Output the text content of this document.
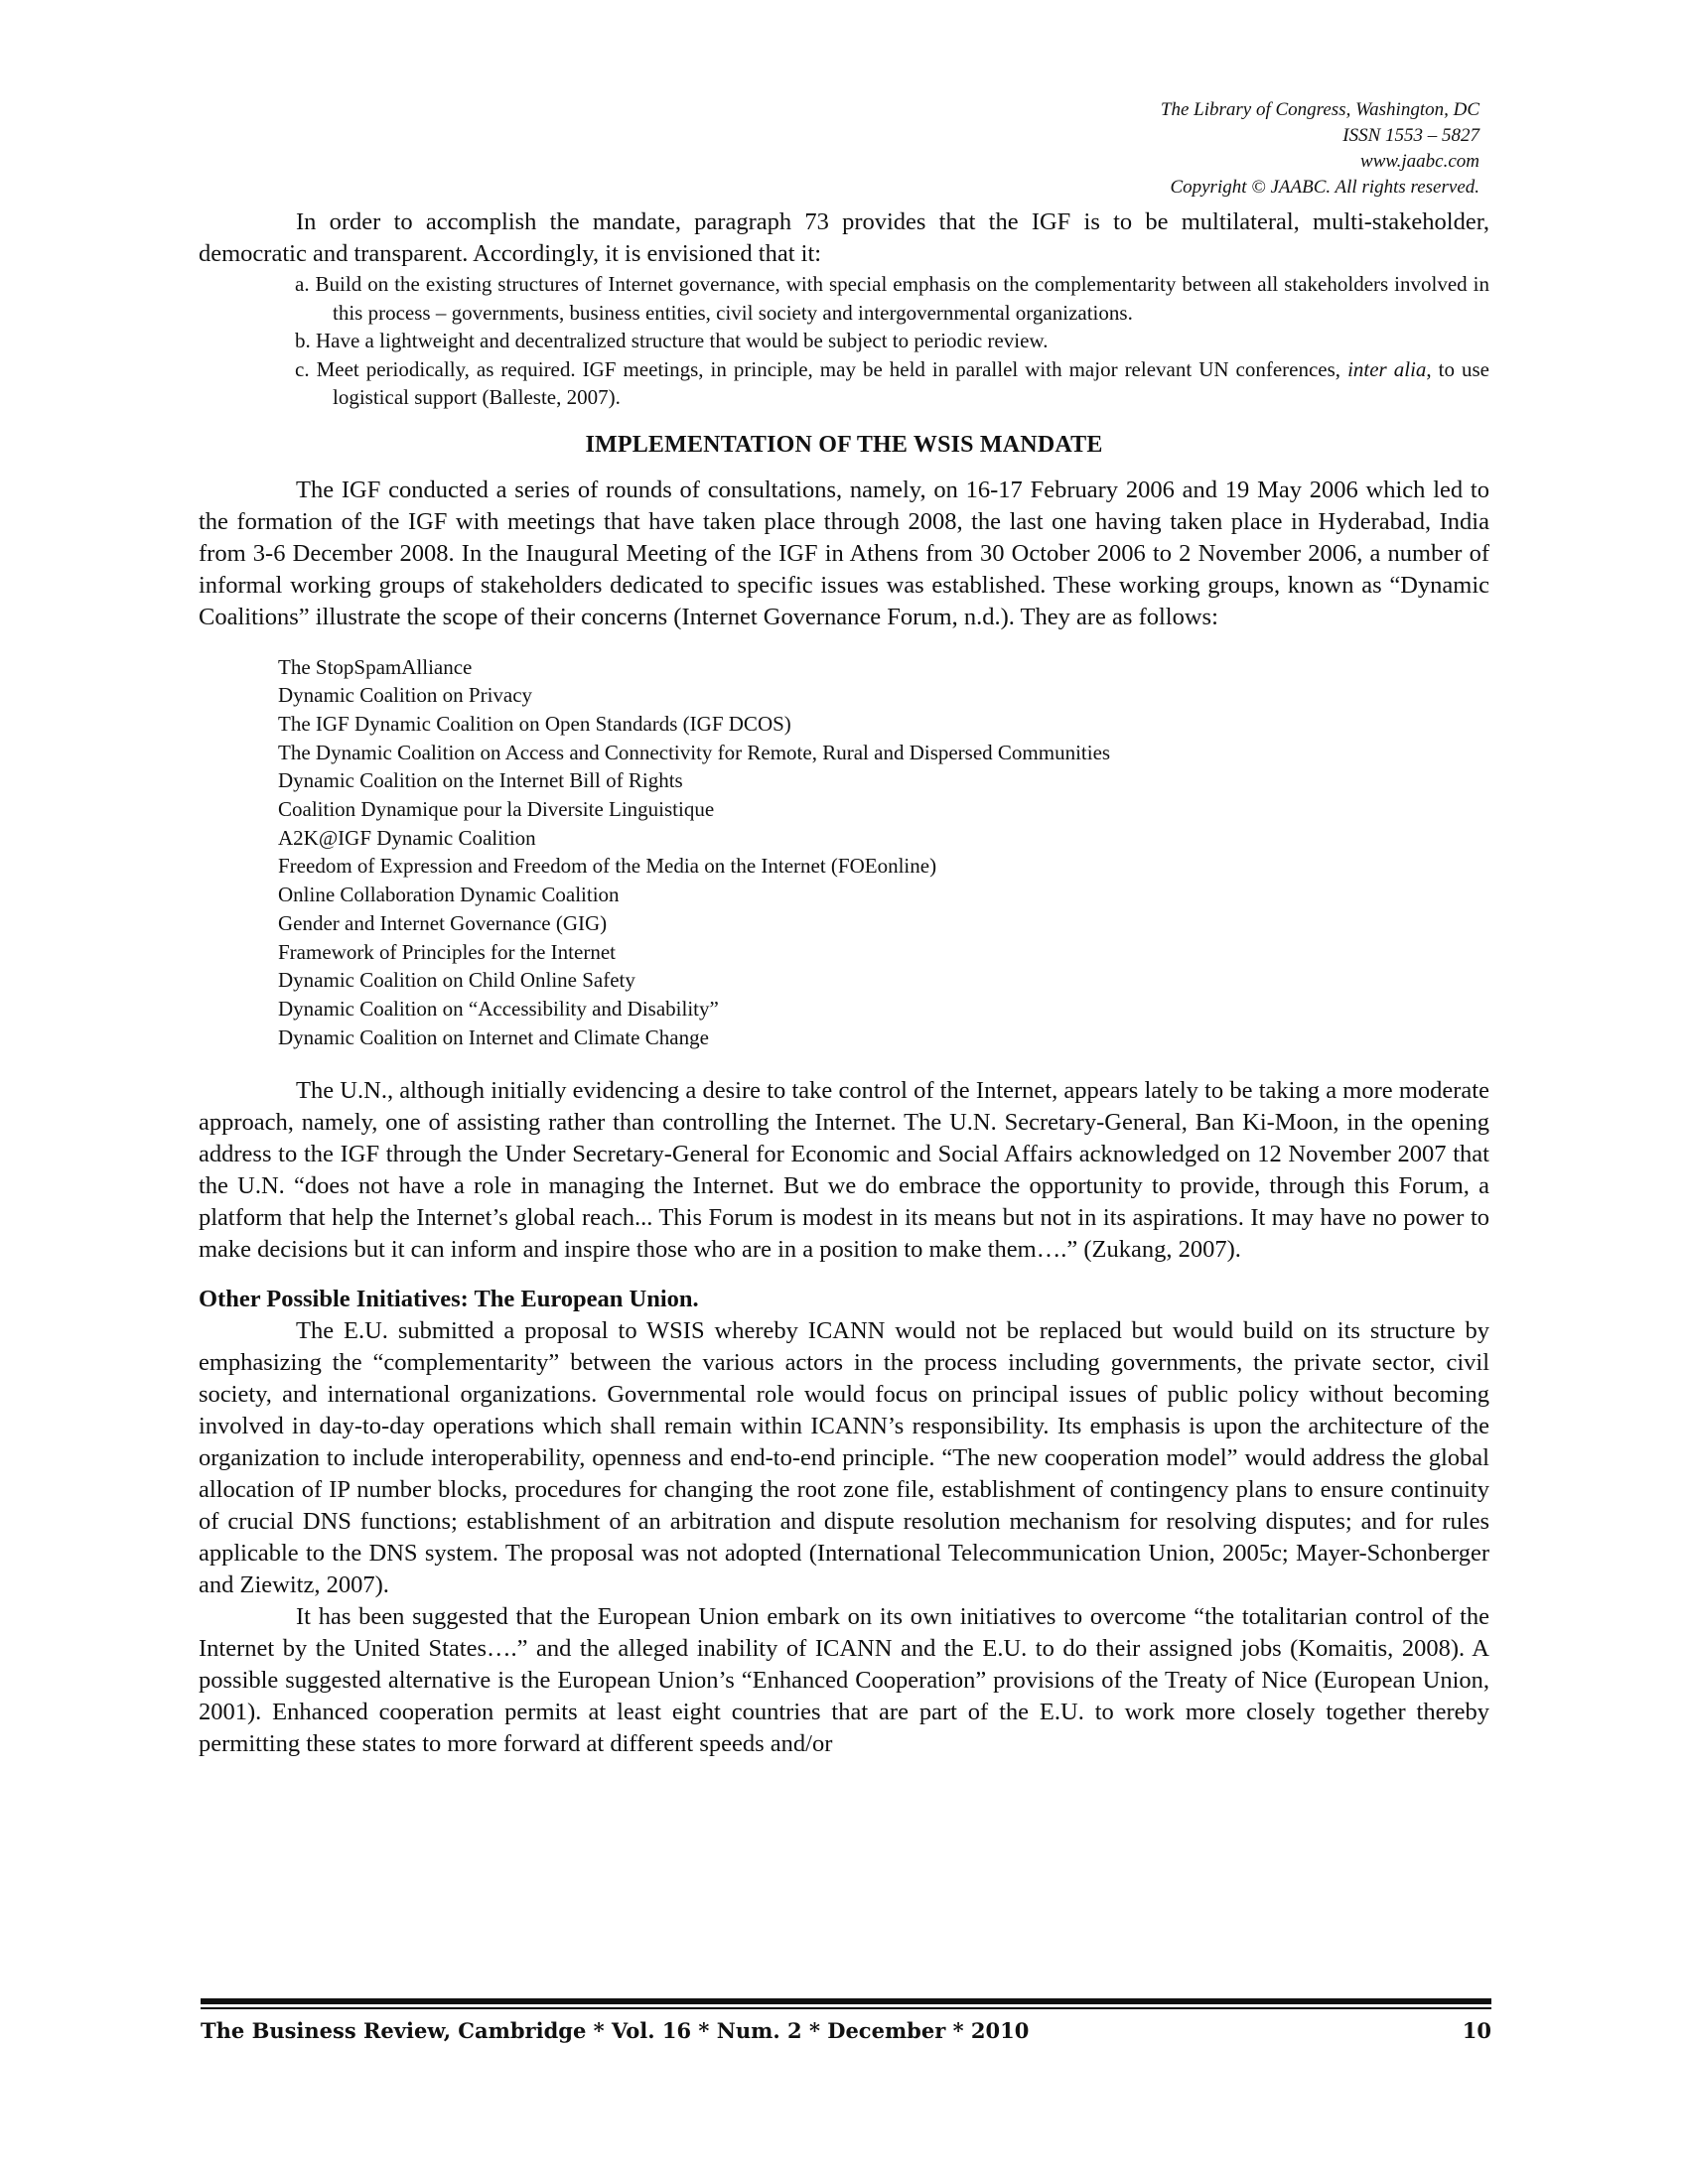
The Library of Congress, Washington, DC
ISSN 1553 – 5827
www.jaabc.com
Copyright © JAABC. All rights reserved.

In order to accomplish the mandate, paragraph 73 provides that the IGF is to be multilateral, multi-stakeholder, democratic and transparent. Accordingly, it is envisioned that it:

a. Build on the existing structures of Internet governance, with special emphasis on the complementarity between all stakeholders involved in this process – governments, business entities, civil society and intergovernmental organizations.
b. Have a lightweight and decentralized structure that would be subject to periodic review.
c. Meet periodically, as required. IGF meetings, in principle, may be held in parallel with major relevant UN conferences, inter alia, to use logistical support (Balleste, 2007).
IMPLEMENTATION OF THE WSIS MANDATE

The IGF conducted a series of rounds of consultations, namely, on 16-17 February 2006 and 19 May 2006 which led to the formation of the IGF with meetings that have taken place through 2008, the last one having taken place in Hyderabad, India from 3-6 December 2008. In the Inaugural Meeting of the IGF in Athens from 30 October 2006 to 2 November 2006, a number of informal working groups of stakeholders dedicated to specific issues was established. These working groups, known as “Dynamic Coalitions” illustrate the scope of their concerns (Internet Governance Forum, n.d.). They are as follows:

The StopSpamAlliance
Dynamic Coalition on Privacy
The IGF Dynamic Coalition on Open Standards (IGF DCOS)
The Dynamic Coalition on Access and Connectivity for Remote, Rural and Dispersed Communities
Dynamic Coalition on the Internet Bill of Rights
Coalition Dynamique pour la Diversite Linguistique
A2K@IGF Dynamic Coalition
Freedom of Expression and Freedom of the Media on the Internet (FOEonline)
Online Collaboration Dynamic Coalition
Gender and Internet Governance (GIG)
Framework of Principles for the Internet
Dynamic Coalition on Child Online Safety
Dynamic Coalition on “Accessibility and Disability”
Dynamic Coalition on Internet and Climate Change

The U.N., although initially evidencing a desire to take control of the Internet, appears lately to be taking a more moderate approach, namely, one of assisting rather than controlling the Internet. The U.N. Secretary-General, Ban Ki-Moon, in the opening address to the IGF through the Under Secretary-General for Economic and Social Affairs acknowledged on 12 November 2007 that the U.N. “does not have a role in managing the Internet. But we do embrace the opportunity to provide, through this Forum, a platform that help the Internet’s global reach... This Forum is modest in its means but not in its aspirations. It may have no power to make decisions but it can inform and inspire those who are in a position to make them….” (Zukang, 2007).

Other Possible Initiatives: The European Union.

The E.U. submitted a proposal to WSIS whereby ICANN would not be replaced but would build on its structure by emphasizing the “complementarity” between the various actors in the process including governments, the private sector, civil society, and international organizations. Governmental role would focus on principal issues of public policy without becoming involved in day-to-day operations which shall remain within ICANN’s responsibility. Its emphasis is upon the architecture of the organization to include interoperability, openness and end-to-end principle. “The new cooperation model” would address the global allocation of IP number blocks, procedures for changing the root zone file, establishment of contingency plans to ensure continuity of crucial DNS functions; establishment of an arbitration and dispute resolution mechanism for resolving disputes; and for rules applicable to the DNS system. The proposal was not adopted (International Telecommunication Union, 2005c; Mayer-Schonberger and Ziewitz, 2007).

It has been suggested that the European Union embark on its own initiatives to overcome “the totalitarian control of the Internet by the United States….” and the alleged inability of ICANN and the E.U. to do their assigned jobs (Komaitis, 2008). A possible suggested alternative is the European Union’s “Enhanced Cooperation” provisions of the Treaty of Nice (European Union, 2001). Enhanced cooperation permits at least eight countries that are part of the E.U. to work more closely together thereby permitting these states to more forward at different speeds and/or

The Business Review, Cambridge * Vol. 16 * Num. 2 * December * 2010	10
